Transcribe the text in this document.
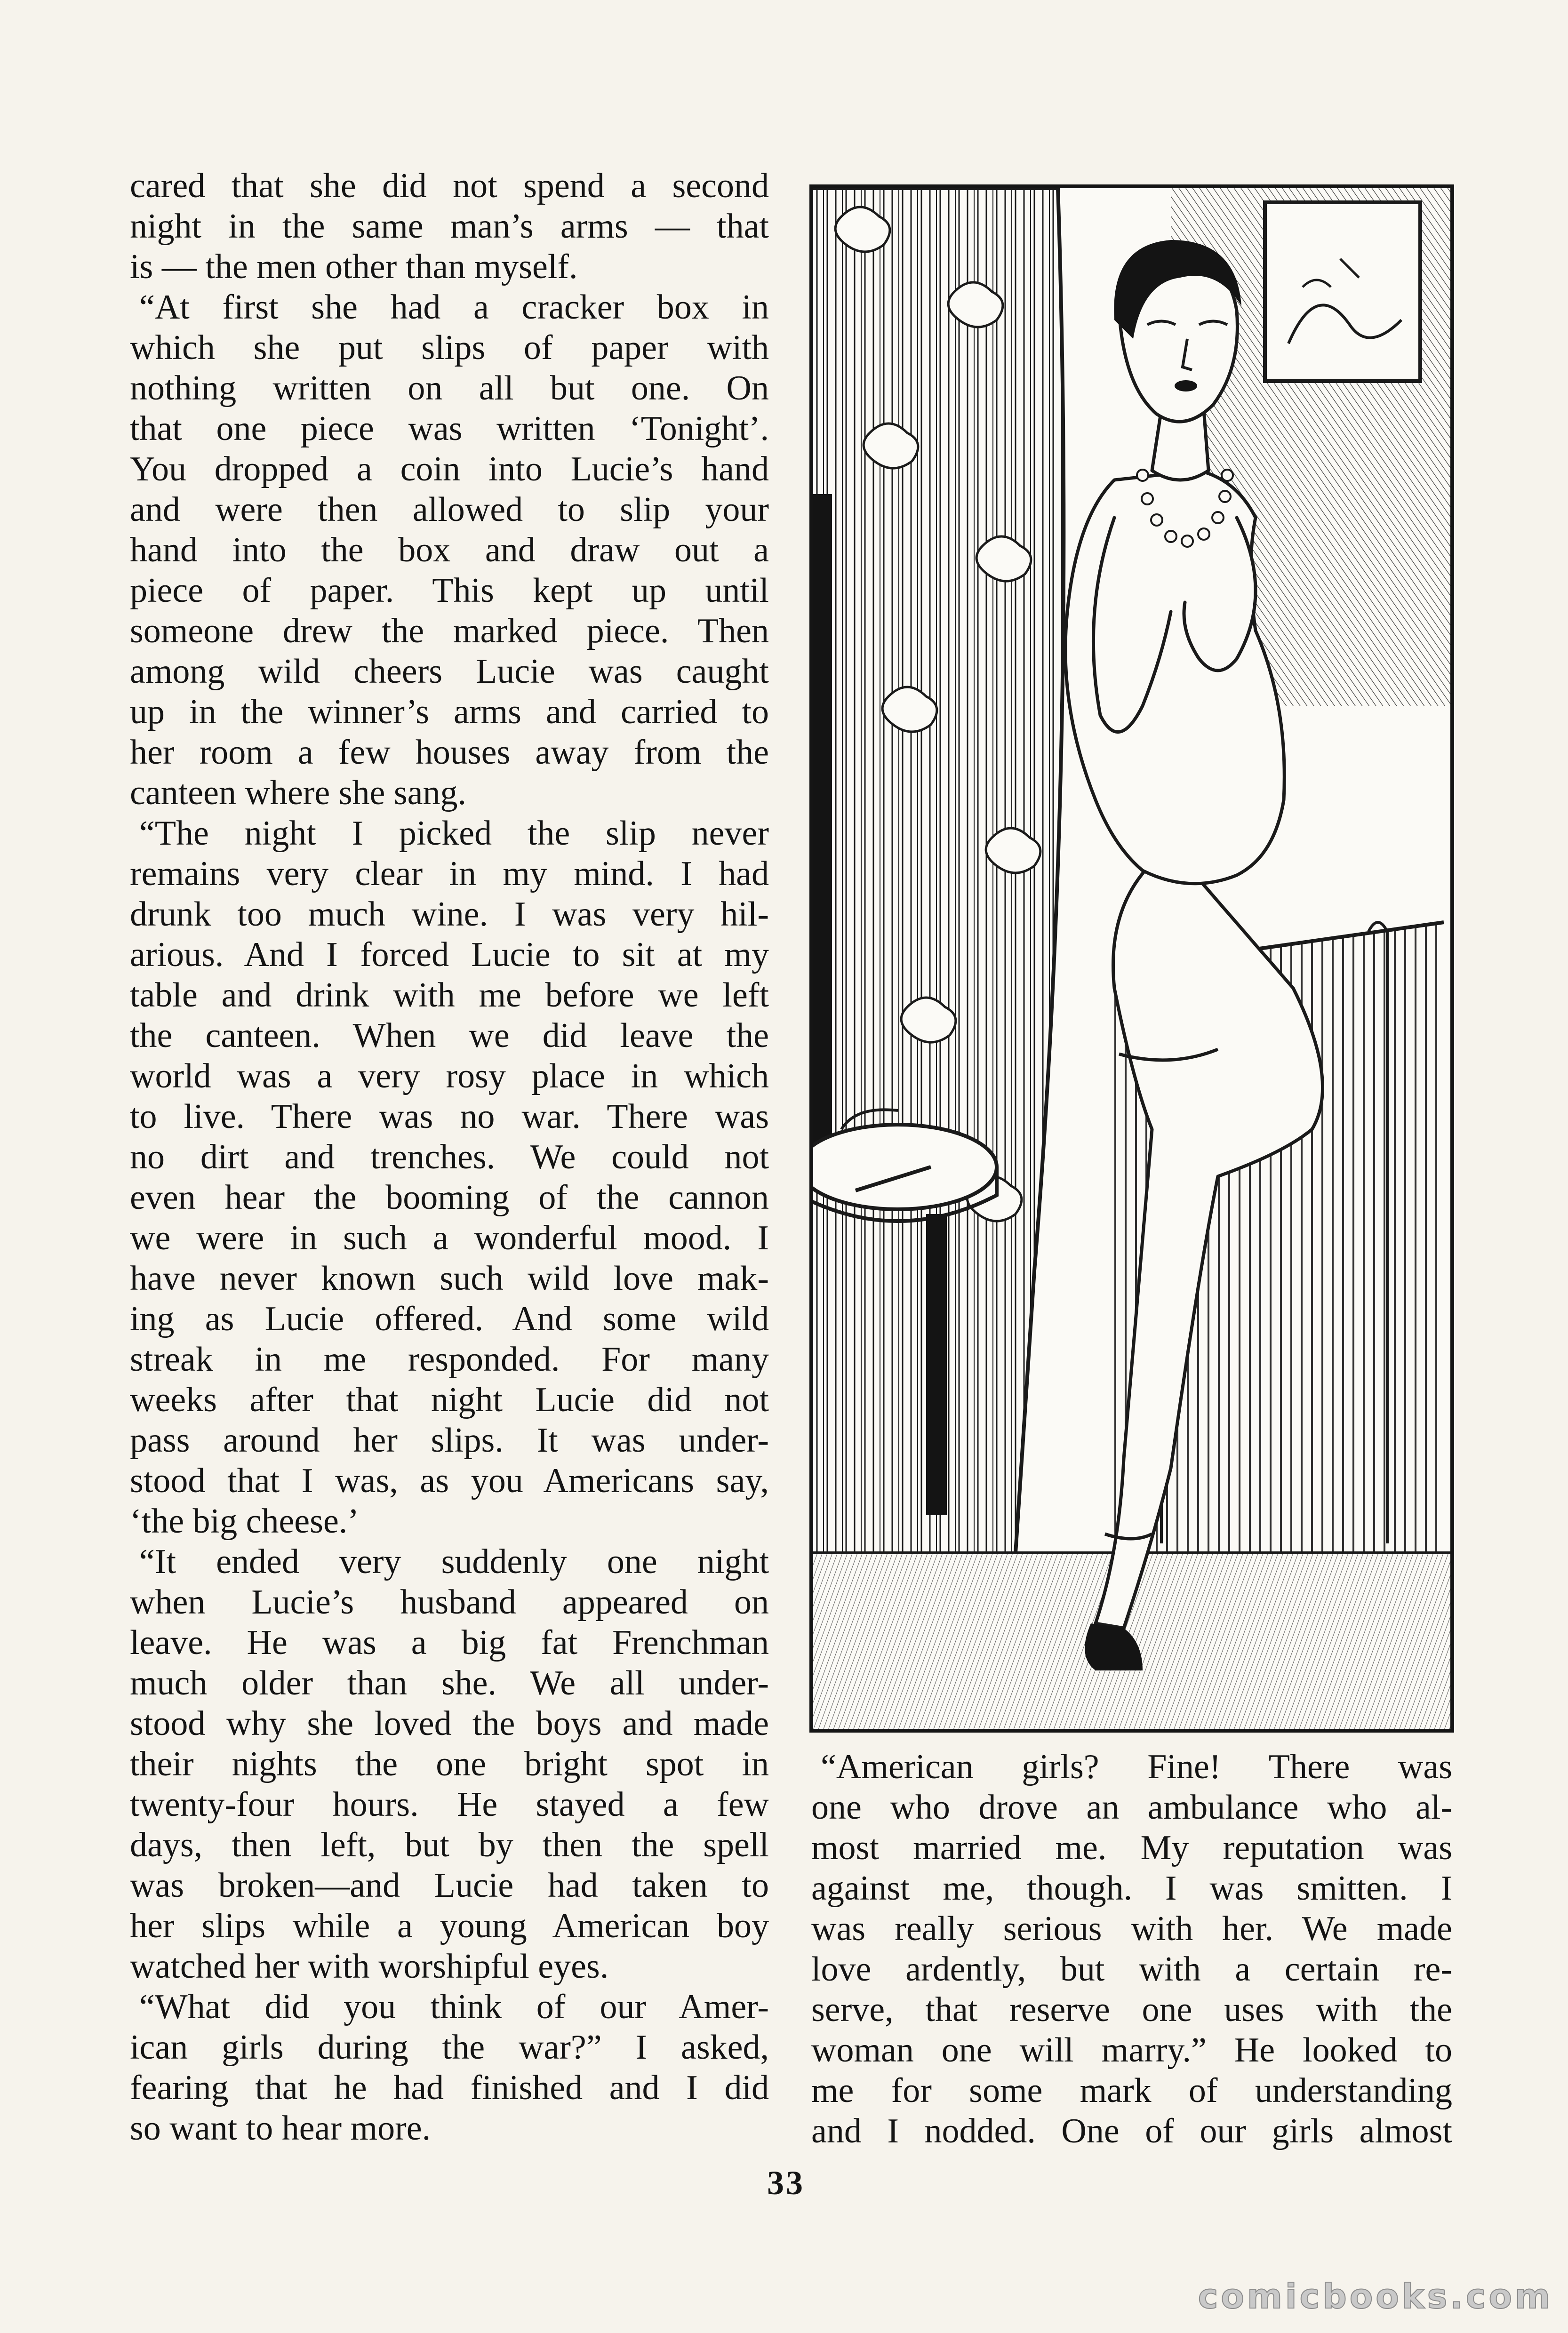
cared that she did not spend a second
night in the same man’s arms — that
is — the men other than myself.
“At first she had a cracker box in
which she put slips of paper with
nothing written on all but one. On
that one piece was written ‘Tonight’.
You dropped a coin into Lucie’s hand
and were then allowed to slip your
hand into the box and draw out a
piece of paper. This kept up until
someone drew the marked piece. Then
among wild cheers Lucie was caught
up in the winner’s arms and carried to
her room a few houses away from the
canteen where she sang.
“The night I picked the slip never
remains very clear in my mind. I had
drunk too much wine. I was very hil-
arious. And I forced Lucie to sit at my
table and drink with me before we left
the canteen. When we did leave the
world was a very rosy place in which
to live. There was no war. There was
no dirt and trenches. We could not
even hear the booming of the cannon
we were in such a wonderful mood. I
have never known such wild love mak-
ing as Lucie offered. And some wild
streak in me responded. For many
weeks after that night Lucie did not
pass around her slips. It was under-
stood that I was, as you Americans say,
‘the big cheese.’
“It ended very suddenly one night
when Lucie’s husband appeared on
leave. He was a big fat Frenchman
much older than she. We all under-
stood why she loved the boys and made
their nights the one bright spot in
twenty-four hours. He stayed a few
days, then left, but by then the spell
was broken—and Lucie had taken to
her slips while a young American boy
watched her with worshipful eyes.
“What did you think of our Amer-
ican girls during the war?” I asked,
fearing that he had finished and I did
so want to hear more.
“American girls? Fine! There was
one who drove an ambulance who al-
most married me. My reputation was
against me, though. I was smitten. I
was really serious with her. We made
love ardently, but with a certain re-
serve, that reserve one uses with the
woman one will marry.” He looked to
me for some mark of understanding
and I nodded. One of our girls almost
33
comicbooks.com
